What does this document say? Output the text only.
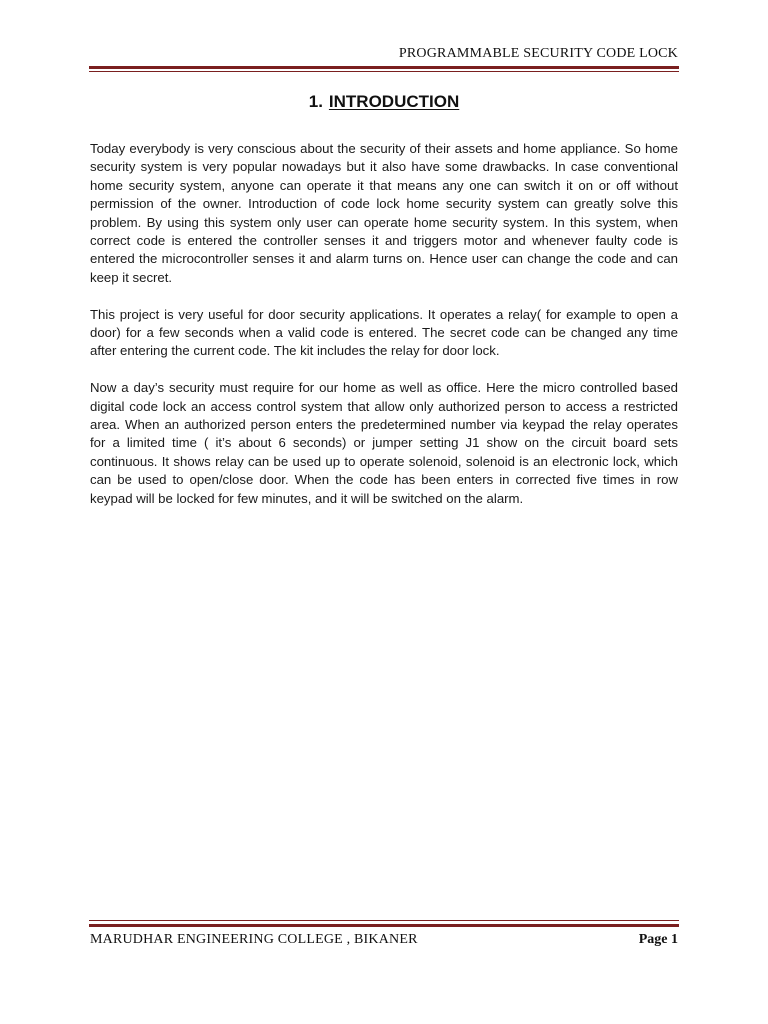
PROGRAMMABLE SECURITY CODE LOCK
1. INTRODUCTION

Today everybody is very conscious about the security of their assets and home appliance. So home security system is very popular nowadays but it also have some drawbacks. In case conventional home security system, anyone can operate it that means any one can switch it on or off without permission of the owner. Introduction of code lock home security system can greatly solve this problem. By using this system only user can operate home security system. In this system, when correct code is entered the controller senses it and triggers motor and whenever faulty code is entered the microcontroller senses it and alarm turns on. Hence user can change the code and can keep it secret.

This project is very useful for door security applications. It operates a relay( for example to open a door) for a few seconds when a valid code is entered. The secret code can be changed any time after entering the current code. The kit includes the relay for door lock.

Now a day’s security must require for our home as well as office. Here the micro controlled based digital code lock an access control system that allow only authorized person to access a restricted area. When an authorized person enters the predetermined number via keypad the relay operates for a limited time ( it’s about 6 seconds) or jumper setting J1 show on the circuit board sets continuous. It shows relay can be used up to operate solenoid, solenoid is an electronic lock, which can be used to open/close door. When the code has been enters in corrected five times in row keypad will be locked for few minutes, and it will be switched on the alarm.

MARUDHAR ENGINEERING COLLEGE , BIKANER	Page 1
